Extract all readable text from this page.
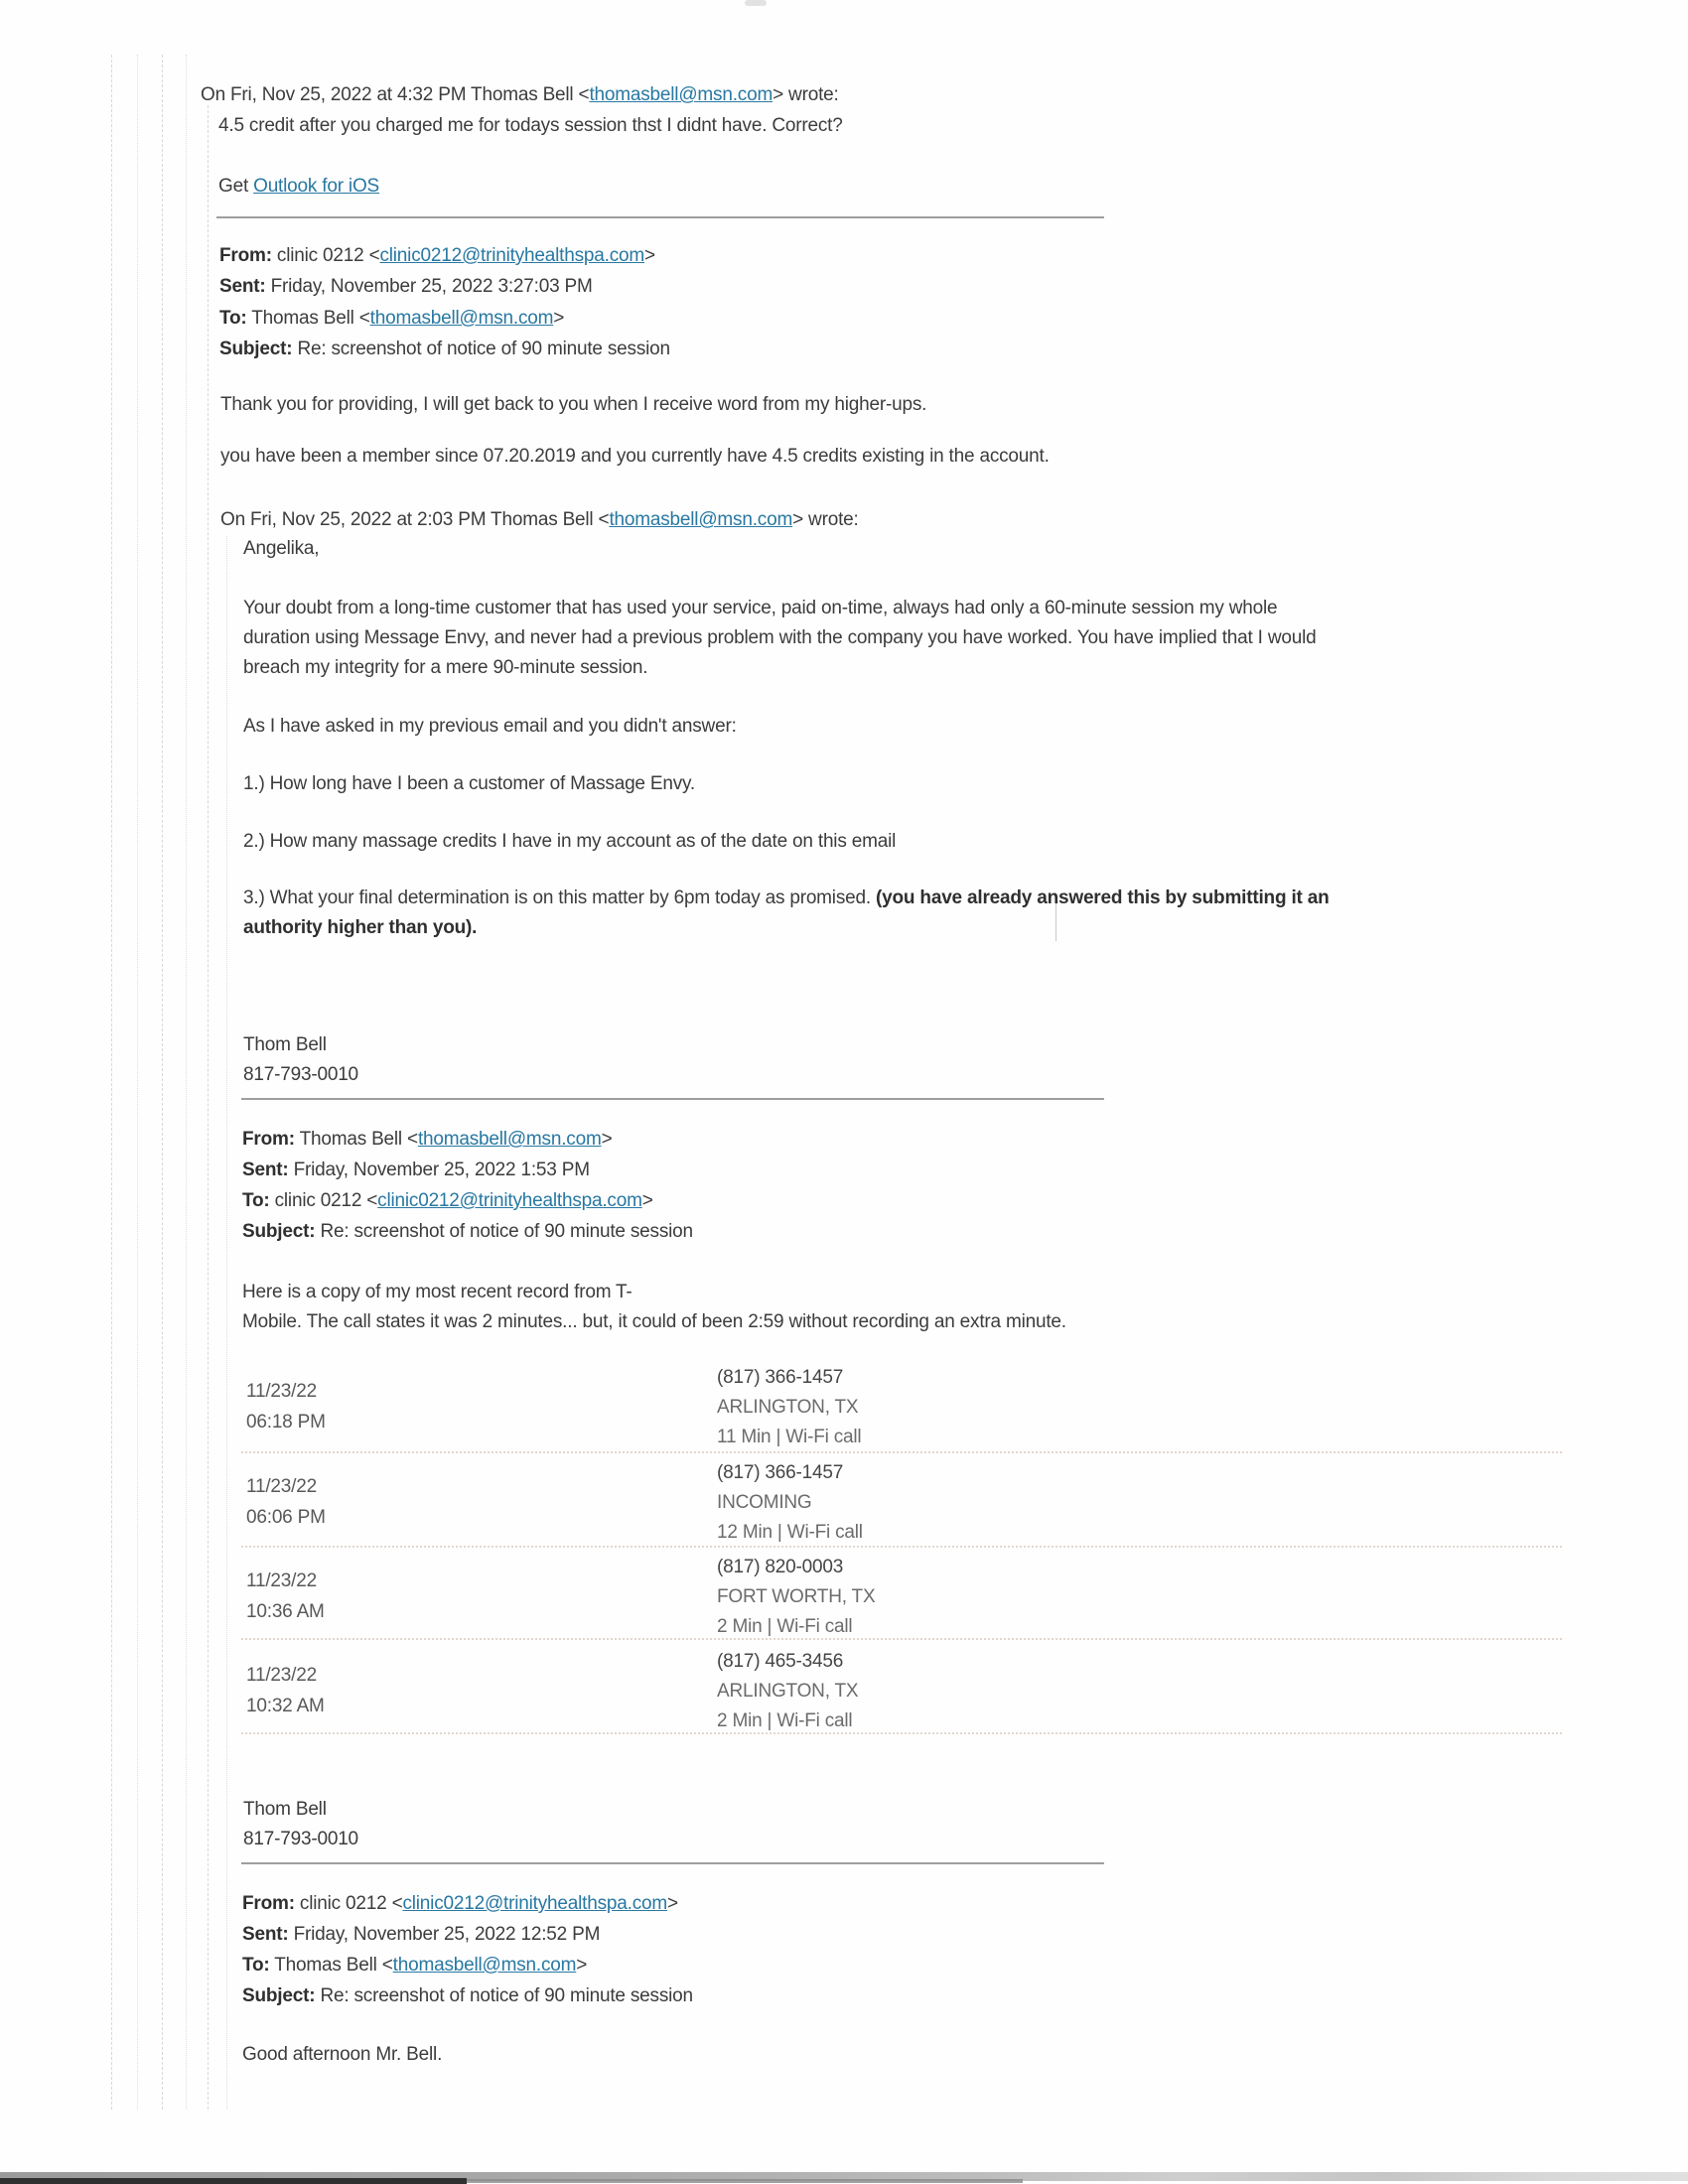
On Fri, Nov 25, 2022 at 4:32 PM Thomas Bell <thomasbell@msn.com> wrote:
4.5 credit after you charged me for todays session thst I didnt have. Correct?
Get Outlook for iOS
From: clinic 0212 <clinic0212@trinityhealthspa.com>
Sent: Friday, November 25, 2022 3:27:03 PM
To: Thomas Bell <thomasbell@msn.com>
Subject: Re: screenshot of notice of 90 minute session
Thank you for providing, I will get back to you when I receive word from my higher-ups.
you have been a member since 07.20.2019 and you currently have 4.5 credits existing in the account.
On Fri, Nov 25, 2022 at 2:03 PM Thomas Bell <thomasbell@msn.com> wrote:
Angelika,
Your doubt from a long-time customer that has used your service, paid on-time, always had only a 60-minute session my whole
duration using Message Envy, and never had a previous problem with the company you have worked. You have implied that I would
breach my integrity for a mere 90-minute session.
As I have asked in my previous email and you didn't answer:
1.) How long have I been a customer of Massage Envy.
2.) How many massage credits I have in my account as of the date on this email
3.) What your final determination is on this matter by 6pm today as promised. (you have already answered this by submitting it an
authority higher than you).
Thom Bell
817-793-0010
From: Thomas Bell <thomasbell@msn.com>
Sent: Friday, November 25, 2022 1:53 PM
To: clinic 0212 <clinic0212@trinityhealthspa.com>
Subject: Re: screenshot of notice of 90 minute session
Here is a copy of my most recent record from T-
Mobile. The call states it was 2 minutes... but, it could of been 2:59 without recording an extra minute.
11/23/22
06:18 PM
(817) 366-1457
ARLINGTON, TX
11 Min | Wi-Fi call
11/23/22
06:06 PM
(817) 366-1457
INCOMING
12 Min | Wi-Fi call
11/23/22
10:36 AM
(817) 820-0003
FORT WORTH, TX
2 Min | Wi-Fi call
11/23/22
10:32 AM
(817) 465-3456
ARLINGTON, TX
2 Min | Wi-Fi call
Thom Bell
817-793-0010
From: clinic 0212 <clinic0212@trinityhealthspa.com>
Sent: Friday, November 25, 2022 12:52 PM
To: Thomas Bell <thomasbell@msn.com>
Subject: Re: screenshot of notice of 90 minute session
Good afternoon Mr. Bell.
